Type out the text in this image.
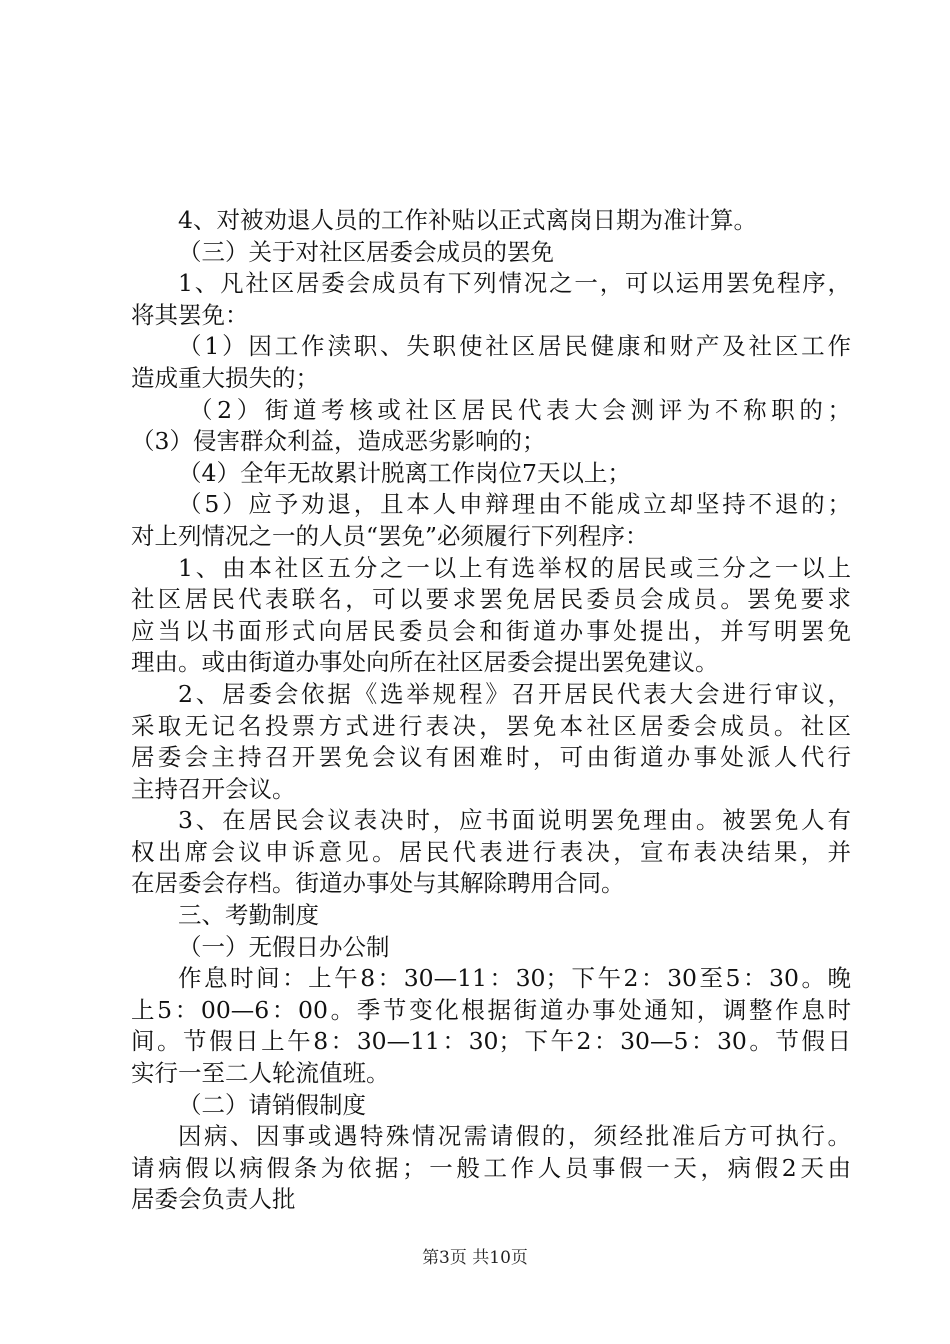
4、对被劝退人员的工作补贴以正式离岗日期为准计算。
（三）关于对社区居委会成员的罢免
1、凡社区居委会成员有下列情况之一，可以运用罢免程序，
将其罢免：
（1）因工作渎职、失职使社区居民健康和财产及社区工作
造成重大损失的；
（2）街道考核或社区居民代表大会测评为不称职的；
（3）侵害群众利益，造成恶劣影响的；
（4）全年无故累计脱离工作岗位7天以上；
（5）应予劝退，且本人申辩理由不能成立却坚持不退的；
对上列情况之一的人员“罢免”必须履行下列程序：
1、由本社区五分之一以上有选举权的居民或三分之一以上
社区居民代表联名，可以要求罢免居民委员会成员。罢免要求
应当以书面形式向居民委员会和街道办事处提出，并写明罢免
理由。或由街道办事处向所在社区居委会提出罢免建议。
2、居委会依据《选举规程》召开居民代表大会进行审议，
采取无记名投票方式进行表决，罢免本社区居委会成员。社区
居委会主持召开罢免会议有困难时，可由街道办事处派人代行
主持召开会议。
3、在居民会议表决时，应书面说明罢免理由。被罢免人有
权出席会议申诉意见。居民代表进行表决，宣布表决结果，并
在居委会存档。街道办事处与其解除聘用合同。
三、考勤制度
（一）无假日办公制
作息时间：上午8：30—11：30；下午2：30至5：30。晚
上5：00—6：00。季节变化根据街道办事处通知，调整作息时
间。节假日上午8：30—11：30；下午2：30—5：30。节假日
实行一至二人轮流值班。
（二）请销假制度
因病、因事或遇特殊情况需请假的，须经批准后方可执行。
请病假以病假条为依据；一般工作人员事假一天，病假2天由
居委会负责人批
第3页 共10页
